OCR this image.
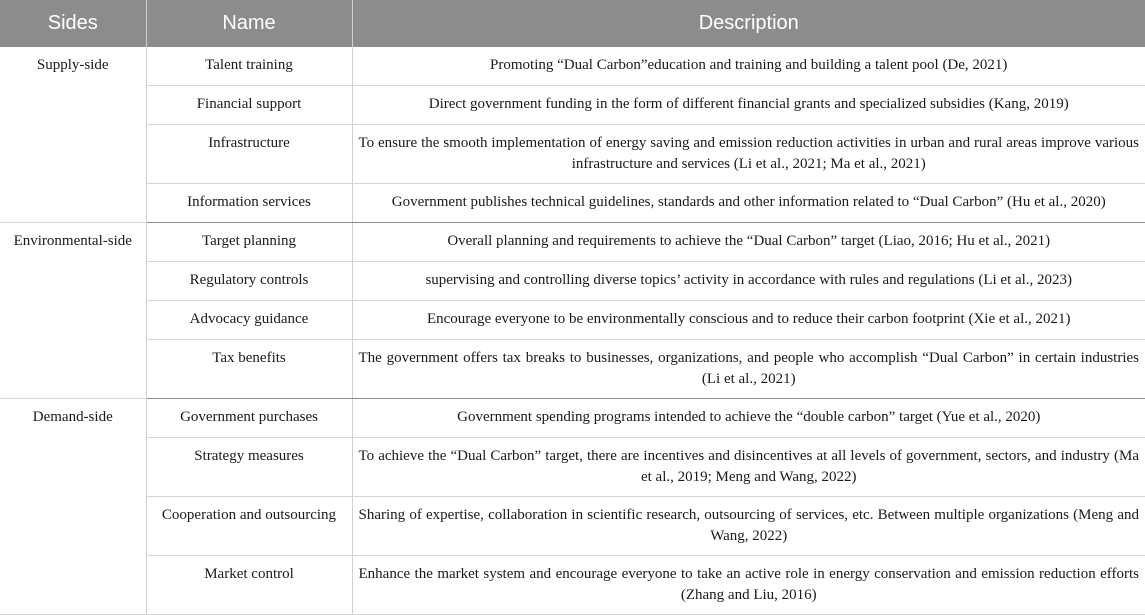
Sides	Name	Description
Supply-side	Talent training	Promoting “Dual Carbon”education and training and building a talent pool (De, 2021)
	Financial support	Direct government funding in the form of different financial grants and specialized subsidies (Kang, 2019)
	Infrastructure	To ensure the smooth implementation of energy saving and emission reduction activities in urban and rural areas improve various infrastructure and services (Li et al., 2021; Ma et al., 2021)
	Information services	Government publishes technical guidelines, standards and other information related to “Dual Carbon” (Hu et al., 2020)
Environmental-side	Target planning	Overall planning and requirements to achieve the “Dual Carbon” target (Liao, 2016; Hu et al., 2021)
	Regulatory controls	supervising and controlling diverse topics’ activity in accordance with rules and regulations (Li et al., 2023)
	Advocacy guidance	Encourage everyone to be environmentally conscious and to reduce their carbon footprint (Xie et al., 2021)
	Tax benefits	The government offers tax breaks to businesses, organizations, and people who accomplish “Dual Carbon” in certain industries (Li et al., 2021)
Demand-side	Government purchases	Government spending programs intended to achieve the “double carbon” target (Yue et al., 2020)
	Strategy measures	To achieve the “Dual Carbon” target, there are incentives and disincentives at all levels of government, sectors, and industry (Ma et al., 2019; Meng and Wang, 2022)
	Cooperation and outsourcing	Sharing of expertise, collaboration in scientific research, outsourcing of services, etc. Between multiple organizations (Meng and Wang, 2022)
	Market control	Enhance the market system and encourage everyone to take an active role in energy conservation and emission reduction efforts (Zhang and Liu, 2016)
